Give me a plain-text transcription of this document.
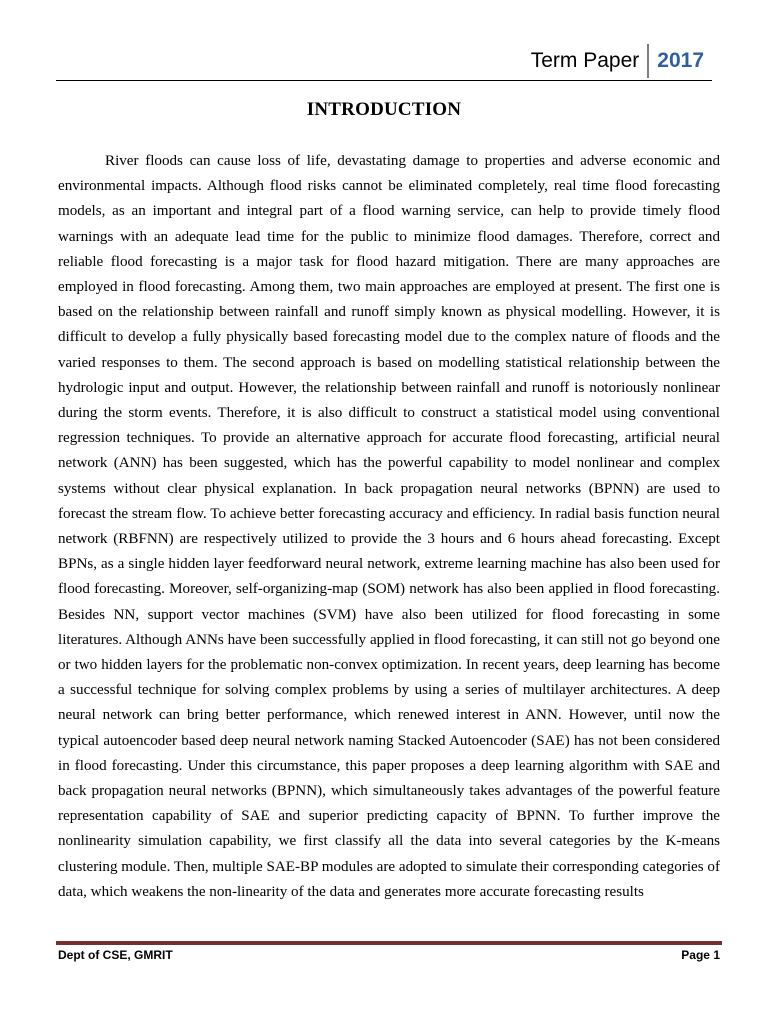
Term Paper 2017
INTRODUCTION

River floods can cause loss of life, devastating damage to properties and adverse economic and environmental impacts. Although flood risks cannot be eliminated completely, real time flood forecasting models, as an important and integral part of a flood warning service, can help to provide timely flood warnings with an adequate lead time for the public to minimize flood damages. Therefore, correct and reliable flood forecasting is a major task for flood hazard mitigation. There are many approaches are employed in flood forecasting. Among them, two main approaches are employed at present. The first one is based on the relationship between rainfall and runoff simply known as physical modelling. However, it is difficult to develop a fully physically based forecasting model due to the complex nature of floods and the varied responses to them. The second approach is based on modelling statistical relationship between the hydrologic input and output. However, the relationship between rainfall and runoff is notoriously nonlinear during the storm events. Therefore, it is also difficult to construct a statistical model using conventional regression techniques. To provide an alternative approach for accurate flood forecasting, artificial neural network (ANN) has been suggested, which has the powerful capability to model nonlinear and complex systems without clear physical explanation. In back propagation neural networks (BPNN) are used to forecast the stream flow. To achieve better forecasting accuracy and efficiency. In radial basis function neural network (RBFNN) are respectively utilized to provide the 3 hours and 6 hours ahead forecasting. Except BPNs, as a single hidden layer feedforward neural network, extreme learning machine has also been used for flood forecasting. Moreover, self-organizing-map (SOM) network has also been applied in flood forecasting. Besides NN, support vector machines (SVM) have also been utilized for flood forecasting in some literatures. Although ANNs have been successfully applied in flood forecasting, it can still not go beyond one or two hidden layers for the problematic non-convex optimization. In recent years, deep learning has become a successful technique for solving complex problems by using a series of multilayer architectures. A deep neural network can bring better performance, which renewed interest in ANN. However, until now the typical autoencoder based deep neural network naming Stacked Autoencoder (SAE) has not been considered in flood forecasting. Under this circumstance, this paper proposes a deep learning algorithm with SAE and back propagation neural networks (BPNN), which simultaneously takes advantages of the powerful feature representation capability of SAE and superior predicting capacity of BPNN. To further improve the nonlinearity simulation capability, we first classify all the data into several categories by the K-means clustering module. Then, multiple SAE-BP modules are adopted to simulate their corresponding categories of data, which weakens the non-linearity of the data and generates more accurate forecasting results

Dept of CSE, GMRIT	Page 1
